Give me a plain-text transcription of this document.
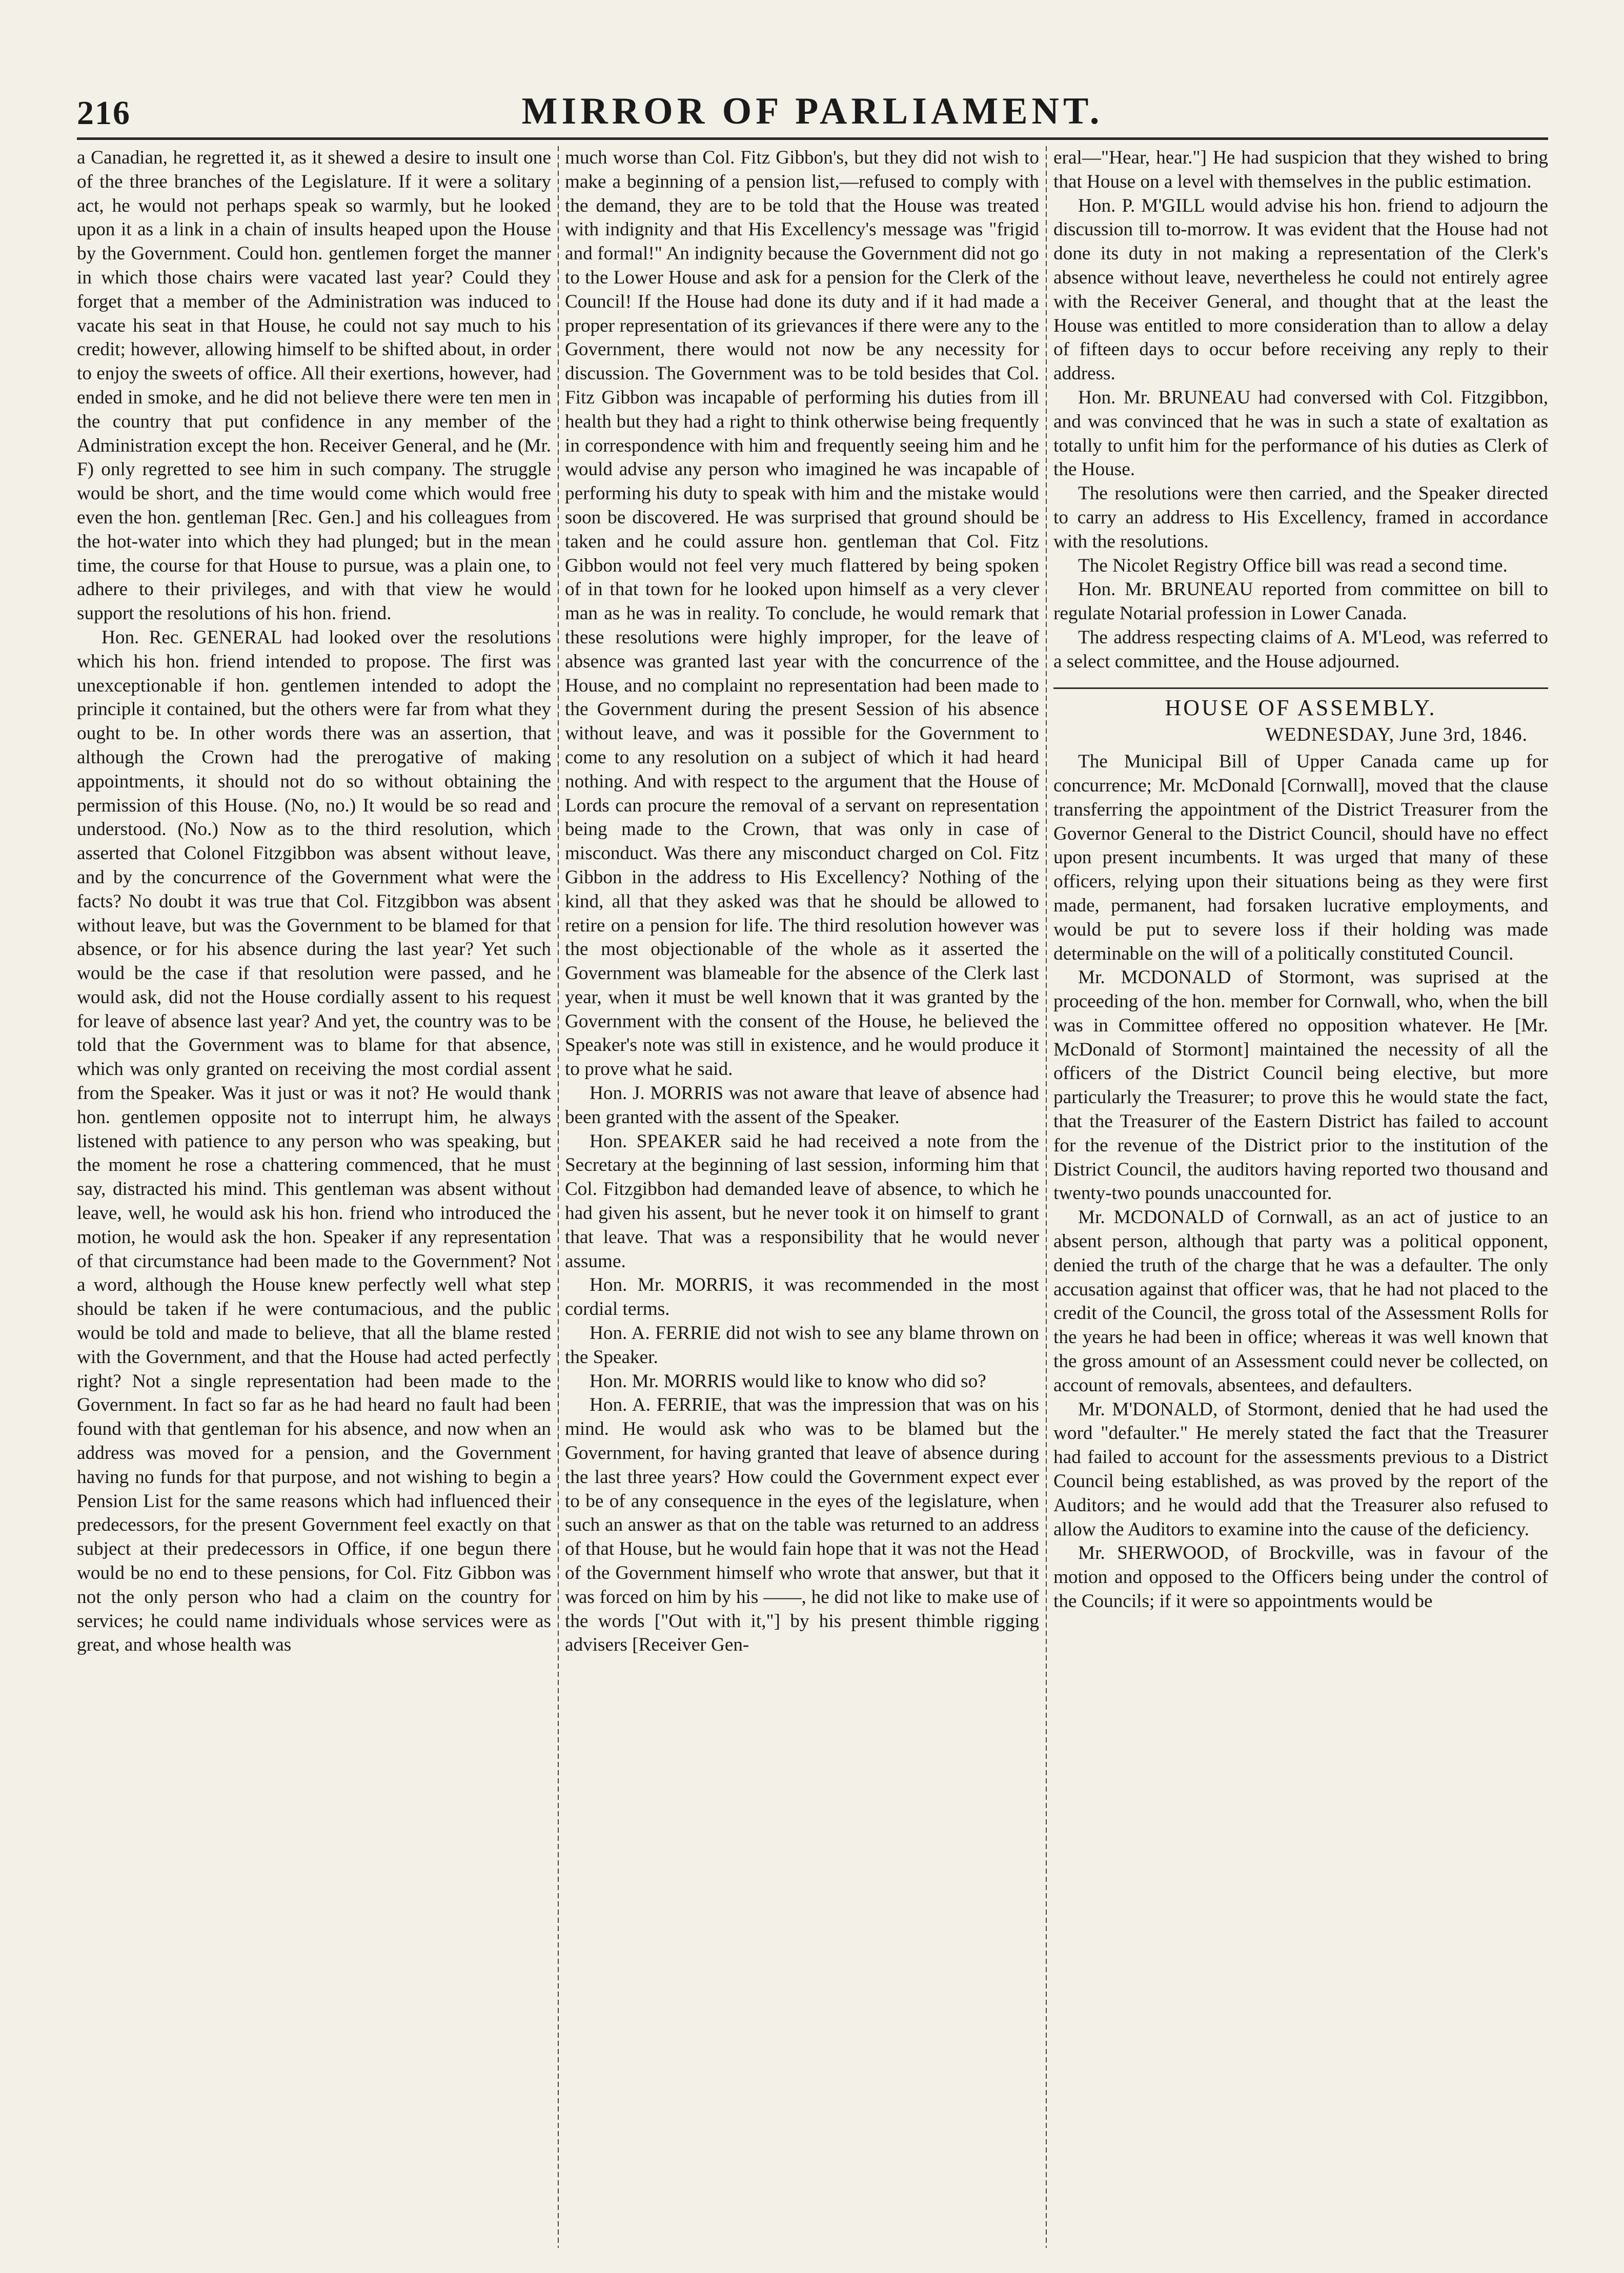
216	MIRROR OF PARLIAMENT.

a Canadian, he regretted it, as it shewed a desire to insult one of the three branches of the Legislature. If it were a solitary act, he would not perhaps speak so warmly, but he looked upon it as a link in a chain of insults heaped upon the House by the Government. Could hon. gentlemen forget the manner in which those chairs were vacated last year? Could they forget that a member of the Administration was induced to vacate his seat in that House, he could not say much to his credit; however, allowing himself to be shifted about, in order to enjoy the sweets of office. All their exertions, however, had ended in smoke, and he did not believe there were ten men in the country that put confidence in any member of the Administration except the hon. Receiver General, and he (Mr. F) only regretted to see him in such company. The struggle would be short, and the time would come which would free even the hon. gentleman [Rec. Gen.] and his colleagues from the hot-water into which they had plunged; but in the mean time, the course for that House to pursue, was a plain one, to adhere to their privileges, and with that view he would support the resolutions of his hon. friend.

Hon. Rec. GENERAL had looked over the resolutions which his hon. friend intended to propose. The first was unexceptionable if hon. gentlemen intended to adopt the principle it contained, but the others were far from what they ought to be. In other words there was an assertion, that although the Crown had the prerogative of making appointments, it should not do so without obtaining the permission of this House. (No, no.) It would be so read and understood. (No.) Now as to the third resolution, which asserted that Colonel Fitzgibbon was absent without leave, and by the concurrence of the Government what were the facts? No doubt it was true that Col. Fitzgibbon was absent without leave, but was the Government to be blamed for that absence, or for his absence during the last year? Yet such would be the case if that resolution were passed, and he would ask, did not the House cordially assent to his request for leave of absence last year? And yet, the country was to be told that the Government was to blame for that absence, which was only granted on receiving the most cordial assent from the Speaker. Was it just or was it not? He would thank hon. gentlemen opposite not to interrupt him, he always listened with patience to any person who was speaking, but the moment he rose a chattering commenced, that he must say, distracted his mind. This gentleman was absent without leave, well, he would ask his hon. friend who introduced the motion, he would ask the hon. Speaker if any representation of that circumstance had been made to the Government? Not a word, although the House knew perfectly well what step should be taken if he were contumacious, and the public would be told and made to believe, that all the blame rested with the Government, and that the House had acted perfectly right? Not a single representation had been made to the Government. In fact so far as he had heard no fault had been found with that gentleman for his absence, and now when an address was moved for a pension, and the Government having no funds for that purpose, and not wishing to begin a Pension List for the same reasons which had influenced their predecessors, for the present Government feel exactly on that subject at their predecessors in Office, if one begun there would be no end to these pensions, for Col. Fitz Gibbon was not the only person who had a claim on the country for services; he could name individuals whose services were as great, and whose health was

much worse than Col. Fitz Gibbon's, but they did not wish to make a beginning of a pension list,—refused to comply with the demand, they are to be told that the House was treated with indignity and that His Excellency's message was "frigid and formal!" An indignity because the Government did not go to the Lower House and ask for a pension for the Clerk of the Council! If the House had done its duty and if it had made a proper representation of its grievances if there were any to the Government, there would not now be any necessity for discussion. The Government was to be told besides that Col. Fitz Gibbon was incapable of performing his duties from ill health but they had a right to think otherwise being frequently in correspondence with him and frequently seeing him and he would advise any person who imagined he was incapable of performing his duty to speak with him and the mistake would soon be discovered. He was surprised that ground should be taken and he could assure hon. gentleman that Col. Fitz Gibbon would not feel very much flattered by being spoken of in that town for he looked upon himself as a very clever man as he was in reality. To conclude, he would remark that these resolutions were highly improper, for the leave of absence was granted last year with the concurrence of the House, and no complaint no representation had been made to the Government during the present Session of his absence without leave, and was it possible for the Government to come to any resolution on a subject of which it had heard nothing. And with respect to the argument that the House of Lords can procure the removal of a servant on representation being made to the Crown, that was only in case of misconduct. Was there any misconduct charged on Col. Fitz Gibbon in the address to His Excellency? Nothing of the kind, all that they asked was that he should be allowed to retire on a pension for life. The third resolution however was the most objectionable of the whole as it asserted the Government was blameable for the absence of the Clerk last year, when it must be well known that it was granted by the Government with the consent of the House, he believed the Speaker's note was still in existence, and he would produce it to prove what he said.

Hon. J. MORRIS was not aware that leave of absence had been granted with the assent of the Speaker.

Hon. SPEAKER said he had received a note from the Secretary at the beginning of last session, informing him that Col. Fitzgibbon had demanded leave of absence, to which he had given his assent, but he never took it on himself to grant that leave. That was a responsibility that he would never assume.

Hon. Mr. MORRIS, it was recommended in the most cordial terms.

Hon. A. FERRIE did not wish to see any blame thrown on the Speaker.

Hon. Mr. MORRIS would like to know who did so?

Hon. A. FERRIE, that was the impression that was on his mind. He would ask who was to be blamed but the Government, for having granted that leave of absence during the last three years? How could the Government expect ever to be of any consequence in the eyes of the legislature, when such an answer as that on the table was returned to an address of that House, but he would fain hope that it was not the Head of the Government himself who wrote that answer, but that it was forced on him by his ——, he did not like to make use of the words ["Out with it,"] by his present thimble rigging advisers [Receiver Gen-

eral—"Hear, hear."] He had suspicion that they wished to bring that House on a level with themselves in the public estimation.

Hon. P. M'GILL would advise his hon. friend to adjourn the discussion till to-morrow. It was evident that the House had not done its duty in not making a representation of the Clerk's absence without leave, nevertheless he could not entirely agree with the Receiver General, and thought that at the least the House was entitled to more consideration than to allow a delay of fifteen days to occur before receiving any reply to their address.

Hon. Mr. BRUNEAU had conversed with Col. Fitzgibbon, and was convinced that he was in such a state of exaltation as totally to unfit him for the performance of his duties as Clerk of the House.

The resolutions were then carried, and the Speaker directed to carry an address to His Excellency, framed in accordance with the resolutions.

The Nicolet Registry Office bill was read a second time.

Hon. Mr. BRUNEAU reported from committee on bill to regulate Notarial profession in Lower Canada.

The address respecting claims of A. M'Leod, was referred to a select committee, and the House adjourned.

HOUSE OF ASSEMBLY.
WEDNESDAY, June 3rd, 1846.

The Municipal Bill of Upper Canada came up for concurrence; Mr. McDonald [Cornwall], moved that the clause transferring the appointment of the District Treasurer from the Governor General to the District Council, should have no effect upon present incumbents. It was urged that many of these officers, relying upon their situations being as they were first made, permanent, had forsaken lucrative employments, and would be put to severe loss if their holding was made determinable on the will of a politically constituted Council.

Mr. MCDONALD of Stormont, was suprised at the proceeding of the hon. member for Cornwall, who, when the bill was in Committee offered no opposition whatever. He [Mr. McDonald of Stormont] maintained the necessity of all the officers of the District Council being elective, but more particularly the Treasurer; to prove this he would state the fact, that the Treasurer of the Eastern District has failed to account for the revenue of the District prior to the institution of the District Council, the auditors having reported two thousand and twenty-two pounds unaccounted for.

Mr. MCDONALD of Cornwall, as an act of justice to an absent person, although that party was a political opponent, denied the truth of the charge that he was a defaulter. The only accusation against that officer was, that he had not placed to the credit of the Council, the gross total of the Assessment Rolls for the years he had been in office; whereas it was well known that the gross amount of an Assessment could never be collected, on account of removals, absentees, and defaulters.

Mr. M'DONALD, of Stormont, denied that he had used the word "defaulter." He merely stated the fact that the Treasurer had failed to account for the assessments previous to a District Council being established, as was proved by the report of the Auditors; and he would add that the Treasurer also refused to allow the Auditors to examine into the cause of the deficiency.

Mr. SHERWOOD, of Brockville, was in favour of the motion and opposed to the Officers being under the control of the Councils; if it were so appointments would be
